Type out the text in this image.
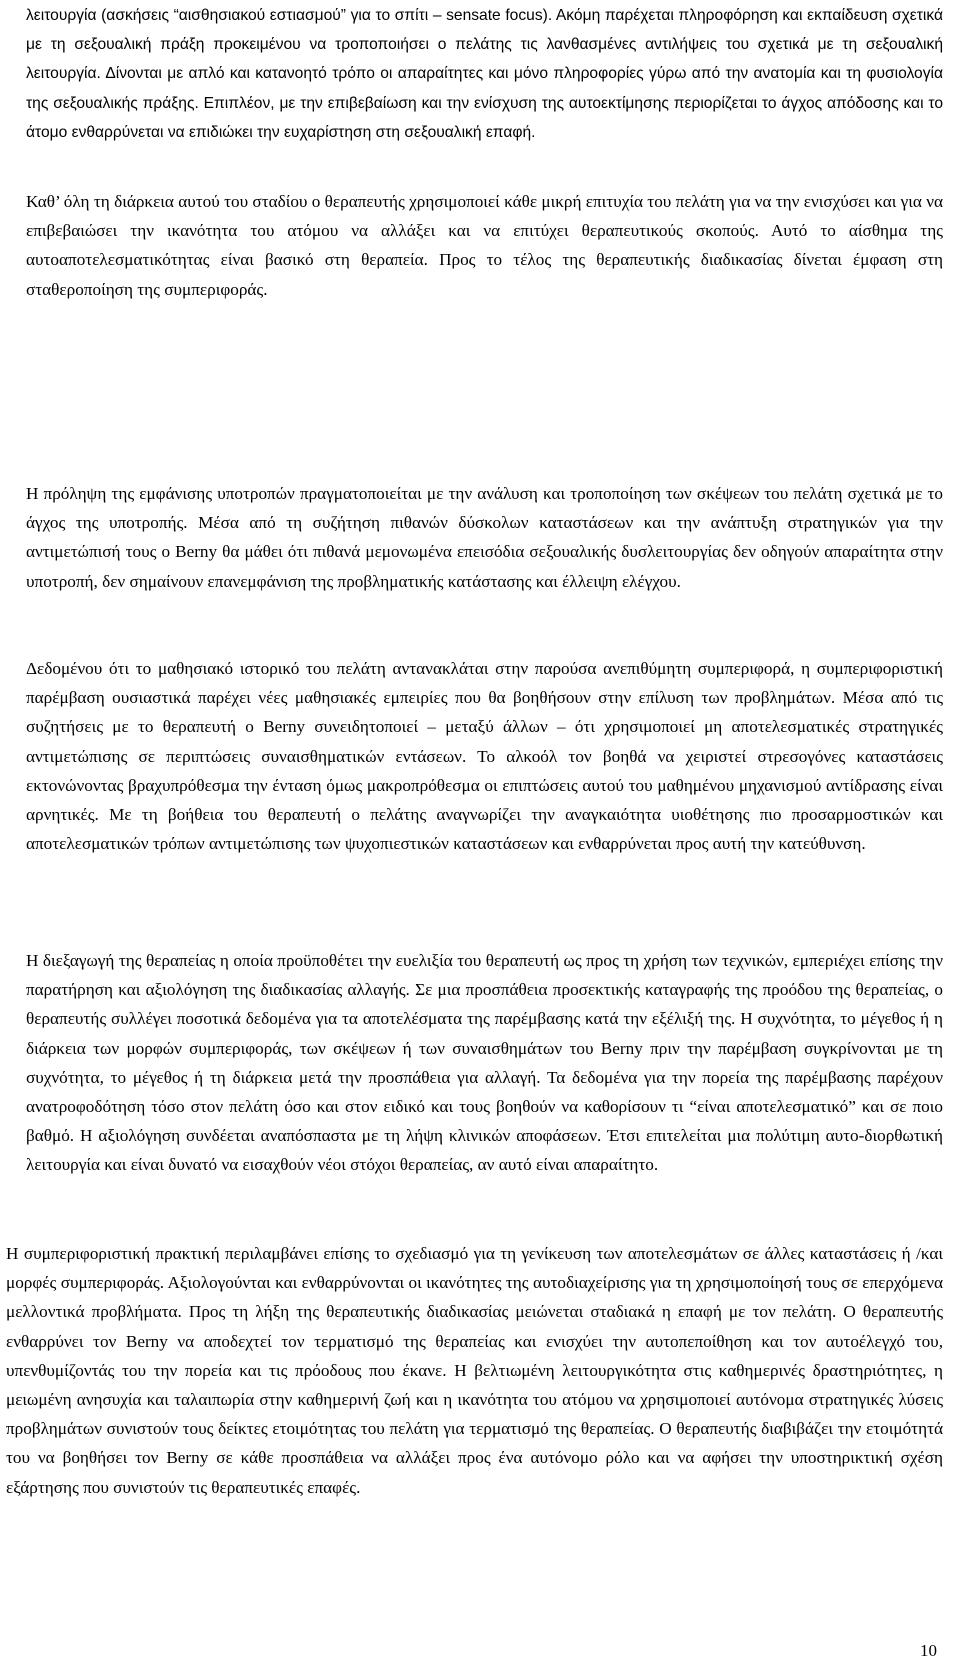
λειτουργία (ασκήσεις “αισθησιακού εστιασμού” για το σπίτι – sensate focus). Ακόμη παρέχεται πληροφόρηση και εκπαίδευση σχετικά με τη σεξουαλική πράξη προκειμένου να τροποποιήσει ο πελάτης τις λανθασμένες αντιλήψεις του σχετικά με τη σεξουαλική λειτουργία. Δίνονται με απλό και κατανοητό τρόπο οι απαραίτητες και μόνο πληροφορίες γύρω από την ανατομία και τη φυσιολογία της σεξουαλικής πράξης. Επιπλέον, με την επιβεβαίωση και την ενίσχυση της αυτοεκτίμησης περιορίζεται το άγχος απόδοσης και το άτομο ενθαρρύνεται να επιδιώκει την ευχαρίστηση στη σεξουαλική επαφή.

Καθ’ όλη τη διάρκεια αυτού του σταδίου ο θεραπευτής χρησιμοποιεί κάθε μικρή επιτυχία του πελάτη για να την ενισχύσει και για να επιβεβαιώσει την ικανότητα του ατόμου να αλλάξει και να επιτύχει θεραπευτικούς σκοπούς. Αυτό το αίσθημα της αυτοαποτελεσματικότητας είναι βασικό στη θεραπεία. Προς το τέλος της θεραπευτικής διαδικασίας δίνεται έμφαση στη σταθεροποίηση της συμπεριφοράς.

Η πρόληψη της εμφάνισης υποτροπών πραγματοποιείται με την ανάλυση και τροποποίηση των σκέψεων του πελάτη σχετικά με το άγχος της υποτροπής. Μέσα από τη συζήτηση πιθανών δύσκολων καταστάσεων και την ανάπτυξη στρατηγικών για την αντιμετώπισή τους ο Berny θα μάθει ότι πιθανά μεμονωμένα επεισόδια σεξουαλικής δυσλειτουργίας δεν οδηγούν απαραίτητα στην υποτροπή, δεν σημαίνουν επανεμφάνιση της προβληματικής κατάστασης και έλλειψη ελέγχου.

Δεδομένου ότι το μαθησιακό ιστορικό του πελάτη αντανακλάται στην παρούσα ανεπιθύμητη συμπεριφορά, η συμπεριφοριστική παρέμβαση ουσιαστικά παρέχει νέες μαθησιακές εμπειρίες που θα βοηθήσουν στην επίλυση των προβλημάτων. Μέσα από τις συζητήσεις με το θεραπευτή ο Berny συνειδητοποιεί – μεταξύ άλλων – ότι χρησιμοποιεί μη αποτελεσματικές στρατηγικές αντιμετώπισης σε περιπτώσεις συναισθηματικών εντάσεων. Το αλκοόλ τον βοηθά να χειριστεί στρεσογόνες καταστάσεις εκτονώνοντας βραχυπρόθεσμα την ένταση όμως μακροπρόθεσμα οι επιπτώσεις αυτού του μαθημένου μηχανισμού αντίδρασης είναι αρνητικές. Με τη βοήθεια του θεραπευτή ο πελάτης αναγνωρίζει την αναγκαιότητα υιοθέτησης πιο προσαρμοστικών και αποτελεσματικών τρόπων αντιμετώπισης των ψυχοπιεστικών καταστάσεων και ενθαρρύνεται προς αυτή την κατεύθυνση.

Η διεξαγωγή της θεραπείας η οποία προϋποθέτει την ευελιξία του θεραπευτή ως προς τη χρήση των τεχνικών, εμπεριέχει επίσης την παρατήρηση και αξιολόγηση της διαδικασίας αλλαγής. Σε μια προσπάθεια προσεκτικής καταγραφής της προόδου της θεραπείας, ο θεραπευτής συλλέγει ποσοτικά δεδομένα για τα αποτελέσματα της παρέμβασης κατά την εξέλιξή της. Η συχνότητα, το μέγεθος ή η διάρκεια των μορφών συμπεριφοράς, των σκέψεων ή των συναισθημάτων του Berny πριν την παρέμβαση συγκρίνονται με τη συχνότητα, το μέγεθος ή τη διάρκεια μετά την προσπάθεια για αλλαγή. Τα δεδομένα για την πορεία της παρέμβασης παρέχουν ανατροφοδότηση τόσο στον πελάτη όσο και στον ειδικό και τους βοηθούν να καθορίσουν τι “είναι αποτελεσματικό” και σε ποιο βαθμό. Η αξιολόγηση συνδέεται αναπόσπαστα με τη λήψη κλινικών αποφάσεων. Έτσι επιτελείται μια πολύτιμη αυτο-διορθωτική λειτουργία και είναι δυνατό να εισαχθούν νέοι στόχοι θεραπείας, αν αυτό είναι απαραίτητο.

Η συμπεριφοριστική πρακτική περιλαμβάνει επίσης το σχεδιασμό για τη γενίκευση των αποτελεσμάτων σε άλλες καταστάσεις ή /και μορφές συμπεριφοράς. Αξιολογούνται και ενθαρρύνονται οι ικανότητες της αυτοδιαχείρισης για τη χρησιμοποίησή τους σε επερχόμενα μελλοντικά προβλήματα. Προς τη λήξη της θεραπευτικής διαδικασίας μειώνεται σταδιακά η επαφή με τον πελάτη. Ο θεραπευτής ενθαρρύνει τον Berny να αποδεχτεί τον τερματισμό της θεραπείας και ενισχύει την αυτοπεποίθηση και τον αυτοέλεγχό του, υπενθυμίζοντάς του την πορεία και τις πρόοδους που έκανε. Η βελτιωμένη λειτουργικότητα στις καθημερινές δραστηριότητες, η μειωμένη ανησυχία και ταλαιπωρία στην καθημερινή ζωή και η ικανότητα του ατόμου να χρησιμοποιεί αυτόνομα στρατηγικές λύσεις προβλημάτων συνιστούν τους δείκτες ετοιμότητας του πελάτη για τερματισμό της θεραπείας. Ο θεραπευτής διαβιβάζει την ετοιμότητά του να βοηθήσει τον Berny σε κάθε προσπάθεια να αλλάξει προς ένα αυτόνομο ρόλο και να αφήσει την υποστηρικτική σχέση εξάρτησης που συνιστούν τις θεραπευτικές επαφές.

10
